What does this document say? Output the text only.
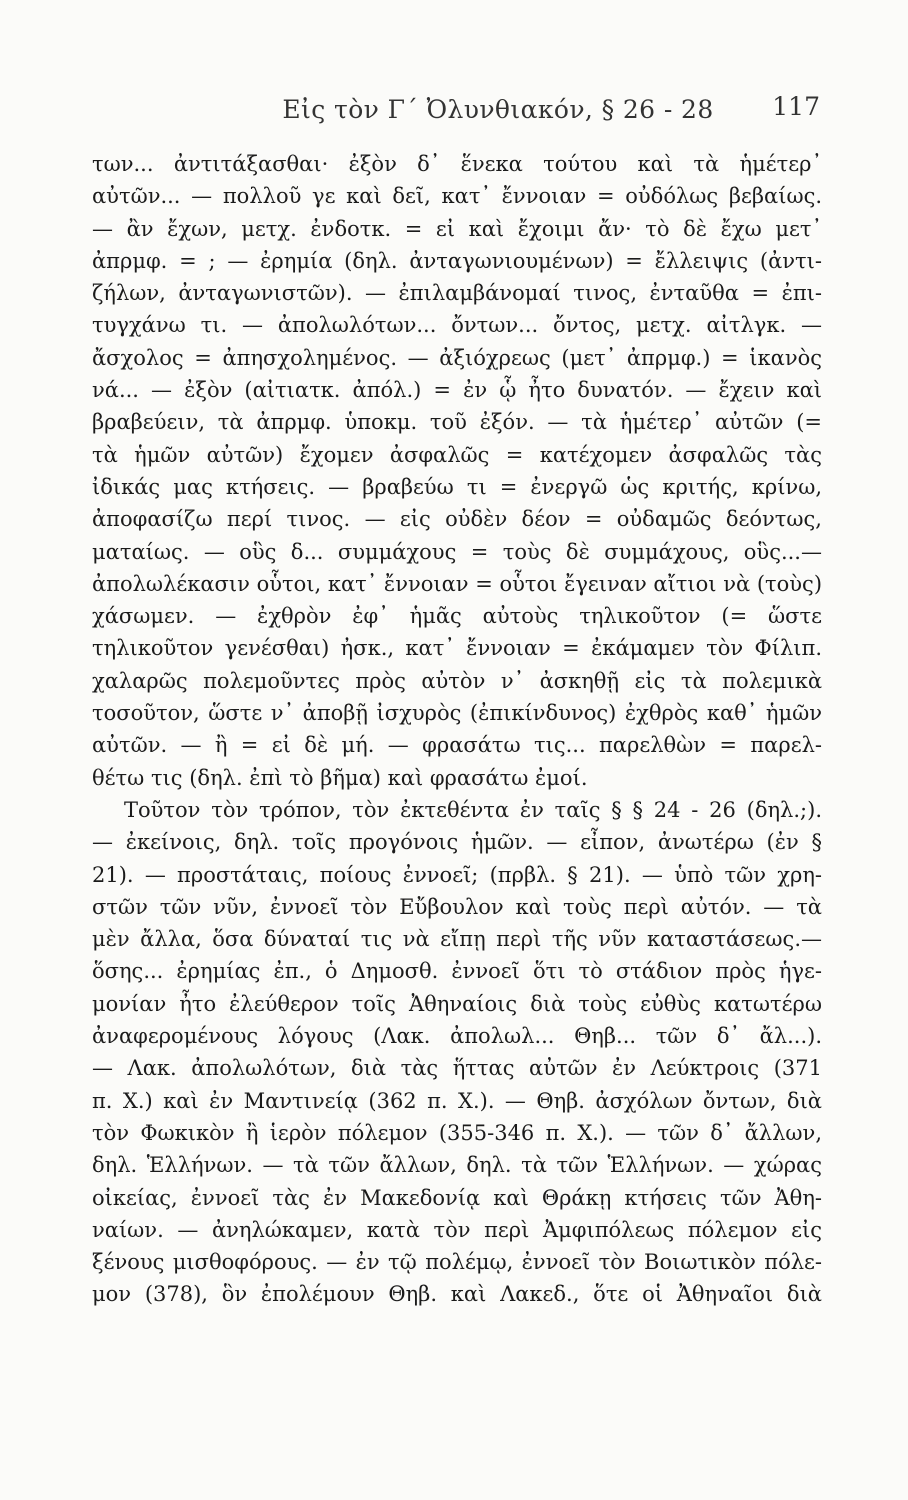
Εἰς τὸν Γ΄ Ὀλυνθιακόν, § 26 - 28	117
των... ἀντιτάξασθαι· ἐξὸν δ᾽ ἕνεκα τούτου καὶ τὰ ἡμέτερ᾽
αὐτῶν... — πολλοῦ γε καὶ δεῖ, κατ᾽ ἔννοιαν = οὐδόλως βεβαίως.
— ἂν ἔχων, μετχ. ἐνδοτκ. = εἰ καὶ ἔχοιμι ἄν· τὸ δὲ ἔχω μετ᾽
ἀπρμφ. = ; — ἐρημία (δηλ. ἀνταγωνιουμένων) = ἔλλειψις (ἀντι-
ζήλων, ἀνταγωνιστῶν). — ἐπιλαμβάνομαί τινος, ἐνταῦθα = ἐπι-
τυγχάνω τι. — ἀπολωλότων... ὄντων... ὄντος, μετχ. αἰτλγκ. —
ἄσχολος = ἀπησχολημένος. — ἀξιόχρεως (μετ᾽ ἀπρμφ.) = ἱκανὸς
νά... — ἐξὸν (αἰτιατκ. ἀπόλ.) = ἐν ᾧ ἦτο δυνατόν. — ἔχειν καὶ
βραβεύειν, τὰ ἀπρμφ. ὑποκμ. τοῦ ἐξόν. — τὰ ἡμέτερ᾽ αὐτῶν (=
τὰ ἡμῶν αὐτῶν) ἔχομεν ἀσφαλῶς = κατέχομεν ἀσφαλῶς τὰς
ἰδικάς μας κτήσεις. — βραβεύω τι = ἐνεργῶ ὡς κριτής, κρίνω,
ἀποφασίζω περί τινος. — εἰς οὐδὲν δέον = οὐδαμῶς δεόντως,
ματαίως. — οὓς δ... συμμάχους = τοὺς δὲ συμμάχους, οὓς...—
ἀπολωλέκασιν οὗτοι, κατ᾽ ἔννοιαν = οὗτοι ἔγειναν αἴτιοι νὰ (τοὺς)
χάσωμεν. — ἐχθρὸν ἐφ᾽ ἡμᾶς αὐτοὺς τηλικοῦτον (= ὥστε
τηλικοῦτον γενέσθαι) ἠσκ., κατ᾽ ἔννοιαν = ἐκάμαμεν τὸν Φίλιπ.
χαλαρῶς πολεμοῦντες πρὸς αὐτὸν ν᾽ ἀσκηθῇ εἰς τὰ πολεμικὰ
τοσοῦτον, ὥστε ν᾽ ἀποβῇ ἰσχυρὸς (ἐπικίνδυνος) ἐχθρὸς καθ᾽ ἡμῶν
αὐτῶν. — ἢ = εἰ δὲ μή. — φρασάτω τις... παρελθὼν = παρελ-
θέτω τις (δηλ. ἐπὶ τὸ βῆμα) καὶ φρασάτω ἐμοί.
Τοῦτον τὸν τρόπον, τὸν ἐκτεθέντα ἐν ταῖς § § 24 - 26 (δηλ.;).
— ἐκείνοις, δηλ. τοῖς προγόνοις ἡμῶν. — εἶπον, ἀνωτέρω (ἐν §
21). — προστάταις, ποίους ἐννοεῖ; (πρβλ. § 21). — ὑπὸ τῶν χρη-
στῶν τῶν νῦν, ἐννοεῖ τὸν Εὔβουλον καὶ τοὺς περὶ αὐτόν. — τὰ
μὲν ἄλλα, ὅσα δύναταί τις νὰ εἴπῃ περὶ τῆς νῦν καταστάσεως.—
ὅσης... ἐρημίας ἐπ., ὁ Δημοσθ. ἐννοεῖ ὅτι τὸ στάδιον πρὸς ἡγε-
μονίαν ἦτο ἐλεύθερον τοῖς Ἀθηναίοις διὰ τοὺς εὐθὺς κατωτέρω
ἀναφερομένους λόγους (Λακ. ἀπολωλ... Θηβ... τῶν δ᾽ ἄλ...).
— Λακ. ἀπολωλότων, διὰ τὰς ἥττας αὐτῶν ἐν Λεύκτροις (371
π. Χ.) καὶ ἐν Μαντινείᾳ (362 π. Χ.). — Θηβ. ἀσχόλων ὄντων, διὰ
τὸν Φωκικὸν ἢ ἱερὸν πόλεμον (355-346 π. Χ.). — τῶν δ᾽ ἄλλων,
δηλ. Ἑλλήνων. — τὰ τῶν ἄλλων, δηλ. τὰ τῶν Ἑλλήνων. — χώρας
οἰκείας, ἐννοεῖ τὰς ἐν Μακεδονίᾳ καὶ Θράκῃ κτήσεις τῶν Ἀθη-
ναίων. — ἀνηλώκαμεν, κατὰ τὸν περὶ Ἀμφιπόλεως πόλεμον εἰς
ξένους μισθοφόρους. — ἐν τῷ πολέμῳ, ἐννοεῖ τὸν Βοιωτικὸν πόλε-
μον (378), ὃν ἐπολέμουν Θηβ. καὶ Λακεδ., ὅτε οἱ Ἀθηναῖοι διὰ
